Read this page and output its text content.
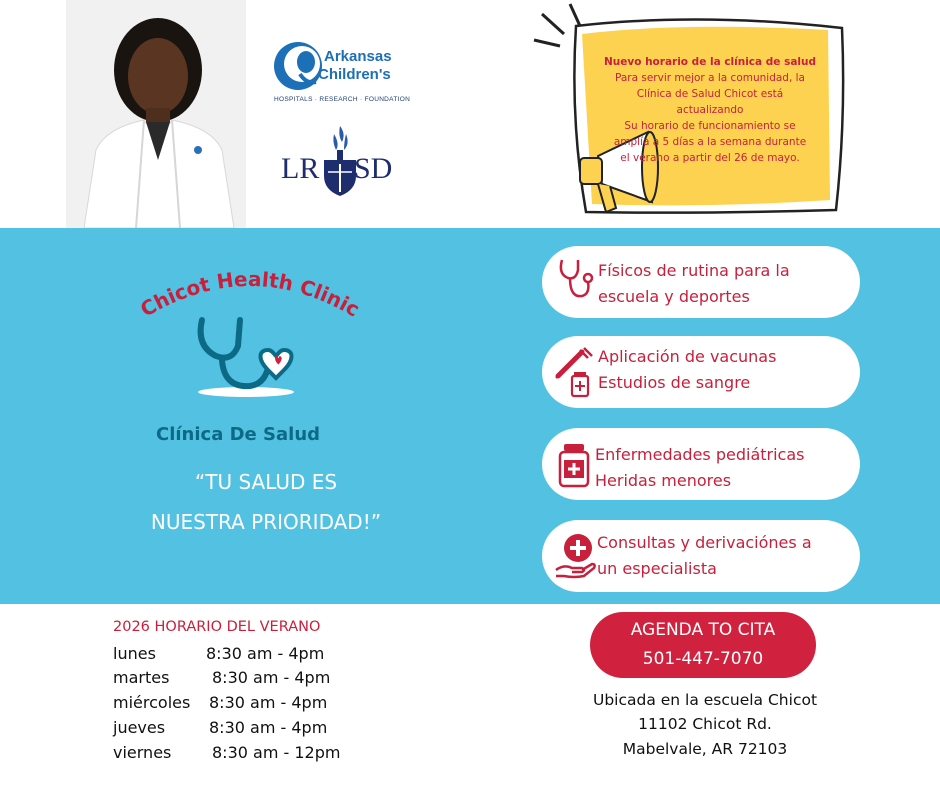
Arkansas
Children's
HOSPITALS · RESEARCH · FOUNDATION
LR SD
Nuevo horario de la clínica de salud
Para servir mejor a la comunidad, la
Clínica de Salud Chicot está
actualizando
Su horario de funcionamiento se
amplía a 5 días a la semana durante
el verano a partir del 26 de mayo.
Chicot Health Clinic
Clínica De Salud
“TU SALUD ES
NUESTRA PRIORIDAD!”
Físicos de rutina para la
escuela y deportes
Aplicación de vacunas
Estudios de sangre
Enfermedades pediátricas
Heridas menores
Consultas y derivaciónes a
un especialista
2026 HORARIO DEL VERANO
lunes	8:30 am - 4pm
martes	8:30 am - 4pm
miércoles 8:30 am - 4pm
jueves	8:30 am - 4pm
viernes	8:30 am - 12pm
AGENDA TO CITA
501-447-7070
Ubicada en la escuela Chicot
11102 Chicot Rd.
Mabelvale, AR 72103
